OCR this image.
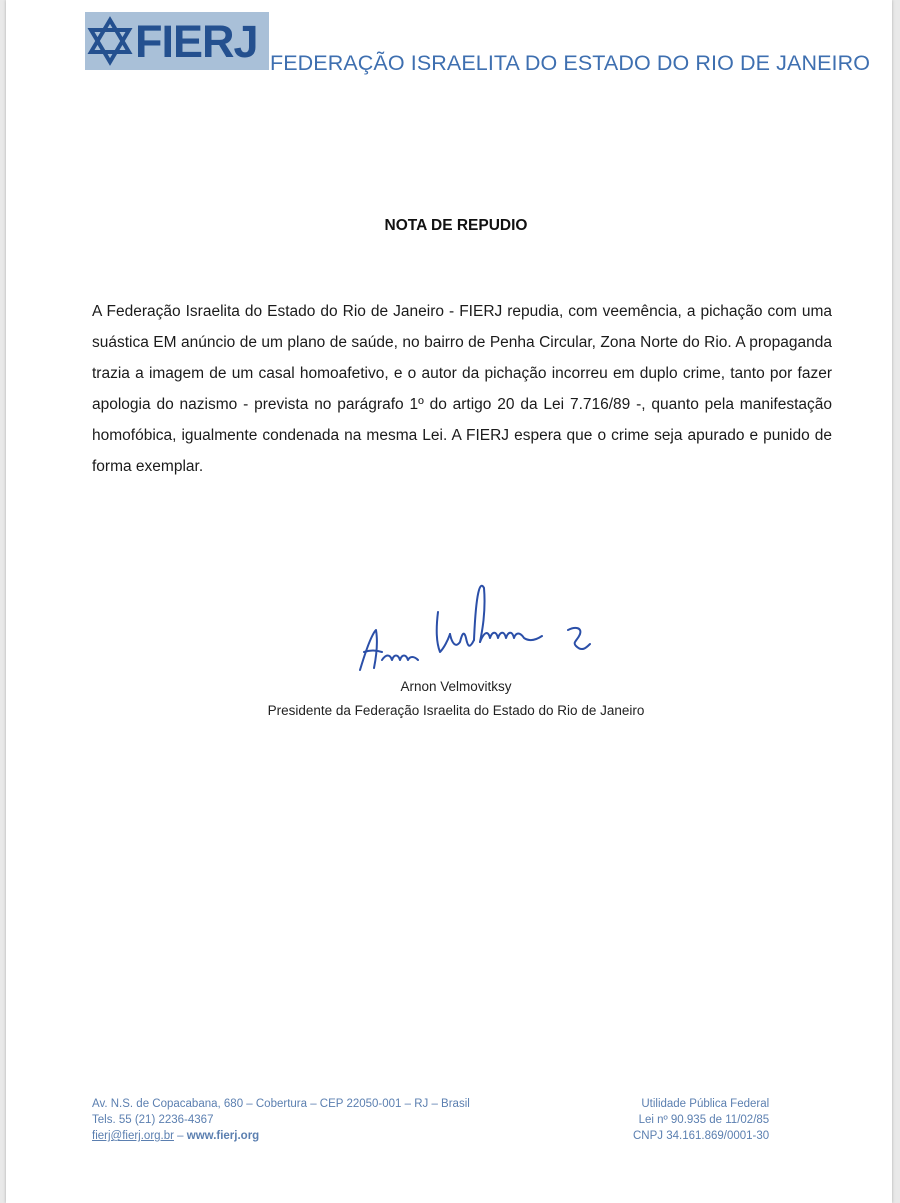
FIERJ FEDERAÇÃO ISRAELITA DO ESTADO DO RIO DE JANEIRO
NOTA DE REPUDIO

A Federação Israelita do Estado do Rio de Janeiro - FIERJ repudia, com veemência, a pichação com uma suástica EM anúncio de um plano de saúde, no bairro de Penha Circular, Zona Norte do Rio. A propaganda trazia a imagem de um casal homoafetivo, e o autor da pichação incorreu em duplo crime, tanto por fazer apologia do nazismo - prevista no parágrafo 1º do artigo 20 da Lei 7.716/89 -, quanto pela manifestação homofóbica, igualmente condenada na mesma Lei. A FIERJ espera que o crime seja apurado e punido de forma exemplar.

Arnon Velmovitksy
Presidente da Federação Israelita do Estado do Rio de Janeiro
Av. N.S. de Copacabana, 680 – Cobertura – CEP 22050-001 – RJ – Brasil
Tels. 55 (21) 2236-4367
fierj@fierj.org.br – www.fierj.org
Utilidade Pública Federal
Lei nº 90.935 de 11/02/85
CNPJ 34.161.869/0001-30
